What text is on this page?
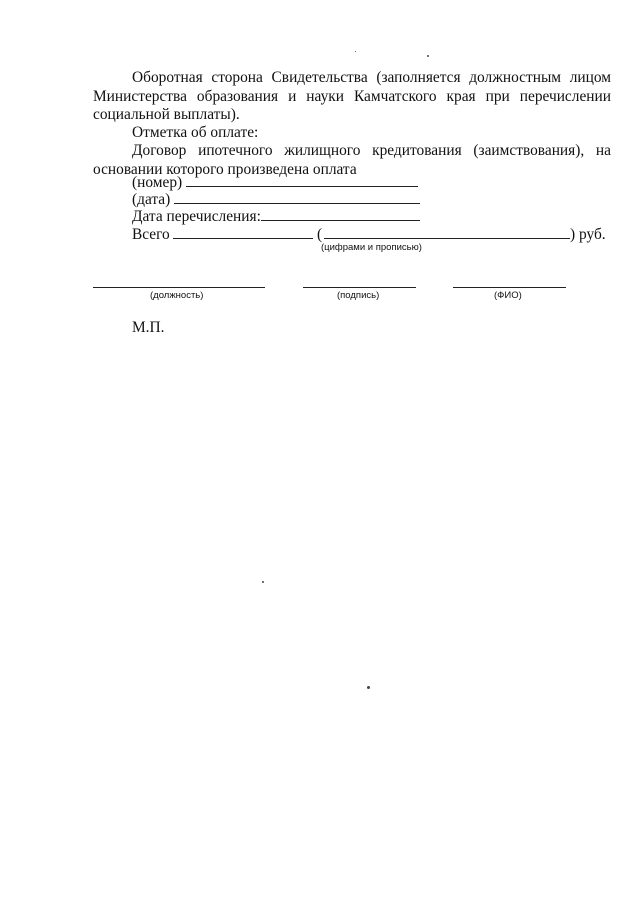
Оборотная сторона Свидетельства (заполняется должностным лицом Министерства образования и науки Камчатского края при перечислении социальной выплаты).
Отметка об оплате:
Договор ипотечного жилищного кредитования (заимствования), на основании которого произведена оплата
(номер)
(дата)
Дата перечисления:
Всего	(	) руб.
(цифрами и прописью)
(должность)	(подпись)	(ФИО)
М.П.
